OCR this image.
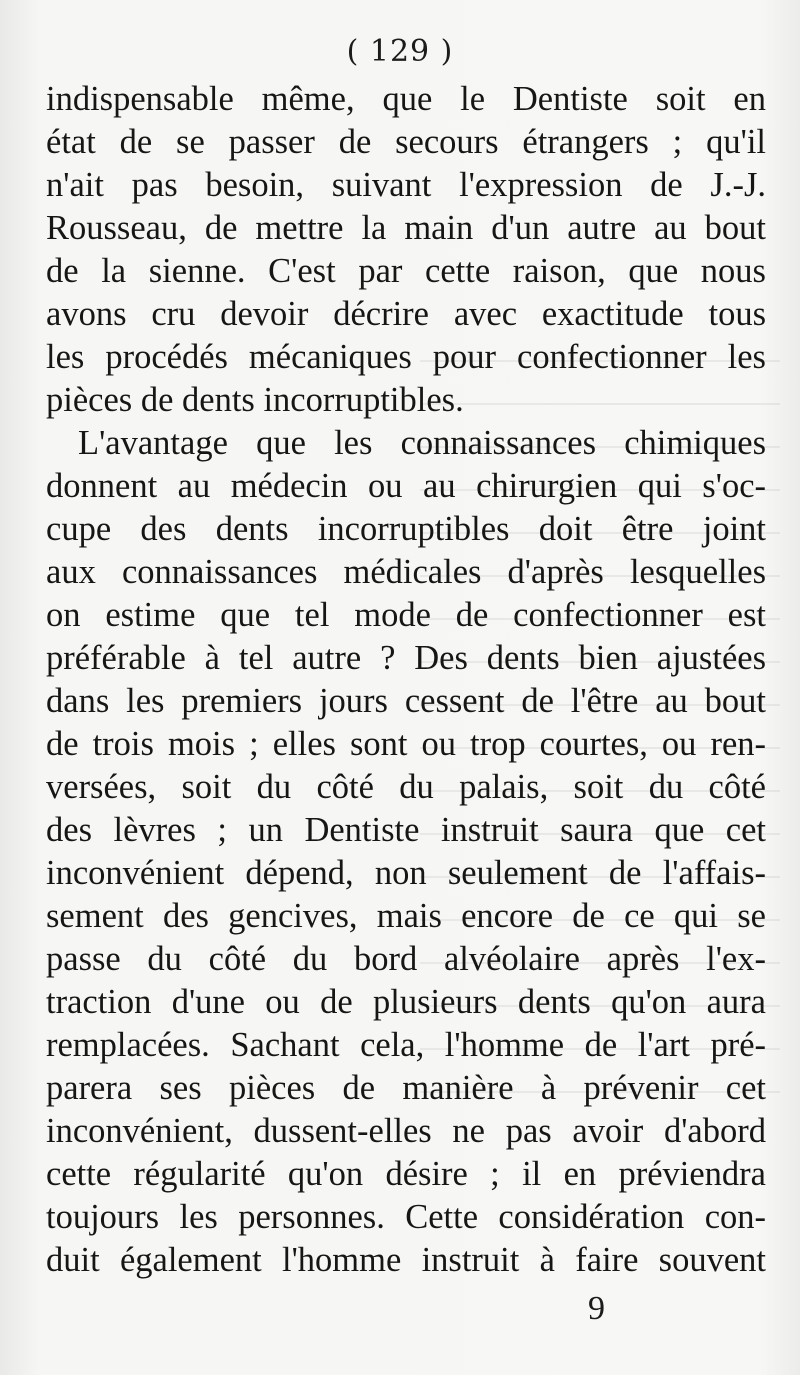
( 129 )
indispensable même, que le Dentiste soit en
état de se passer de secours étrangers ; qu'il
n'ait pas besoin, suivant l'expression de J.-J.
Rousseau, de mettre la main d'un autre au bout
de la sienne. C'est par cette raison, que nous
avons cru devoir décrire avec exactitude tous
les procédés mécaniques pour confectionner les
pièces de dents incorruptibles.
L'avantage que les connaissances chimiques
donnent au médecin ou au chirurgien qui s'oc-
cupe des dents incorruptibles doit être joint
aux connaissances médicales d'après lesquelles
on estime que tel mode de confectionner est
préférable à tel autre ? Des dents bien ajustées
dans les premiers jours cessent de l'être au bout
de trois mois ; elles sont ou trop courtes, ou ren-
versées, soit du côté du palais, soit du côté
des lèvres ; un Dentiste instruit saura que cet
inconvénient dépend, non seulement de l'affais-
sement des gencives, mais encore de ce qui se
passe du côté du bord alvéolaire après l'ex-
traction d'une ou de plusieurs dents qu'on aura
remplacées. Sachant cela, l'homme de l'art pré-
parera ses pièces de manière à prévenir cet
inconvénient, dussent-elles ne pas avoir d'abord
cette régularité qu'on désire ; il en préviendra
toujours les personnes. Cette considération con-
duit également l'homme instruit à faire souvent
9
